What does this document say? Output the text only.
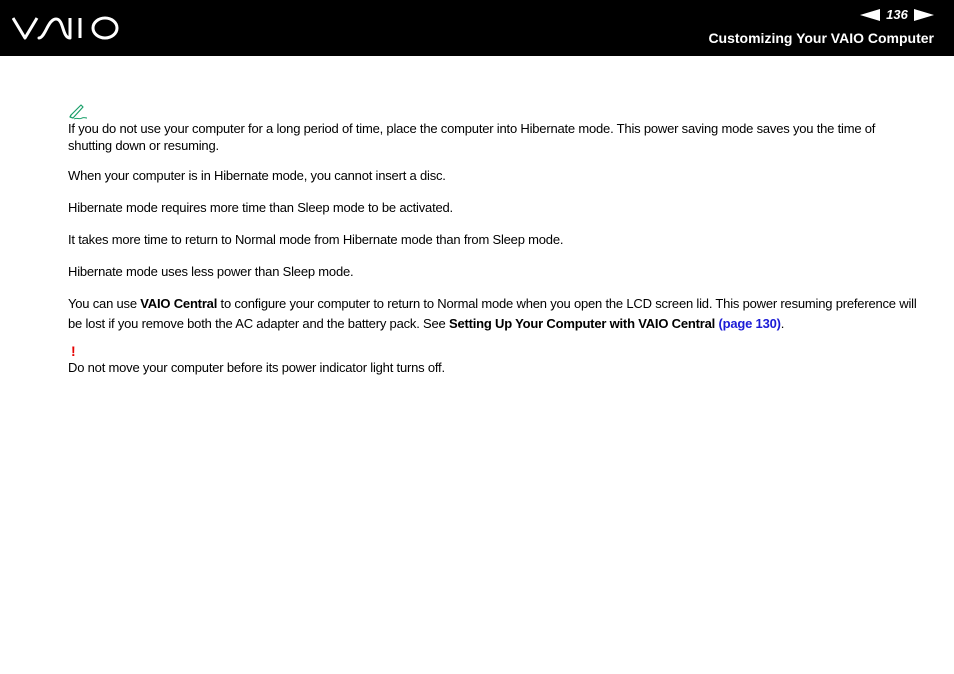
136
Customizing Your VAIO Computer

If you do not use your computer for a long period of time, place the computer into Hibernate mode. This power saving mode saves you the time of shutting down or resuming.

When your computer is in Hibernate mode, you cannot insert a disc.

Hibernate mode requires more time than Sleep mode to be activated.

It takes more time to return to Normal mode from Hibernate mode than from Sleep mode.

Hibernate mode uses less power than Sleep mode.

You can use VAIO Central to configure your computer to return to Normal mode when you open the LCD screen lid. This power resuming preference will be lost if you remove both the AC adapter and the battery pack. See Setting Up Your Computer with VAIO Central (page 130).

!

Do not move your computer before its power indicator light turns off.
